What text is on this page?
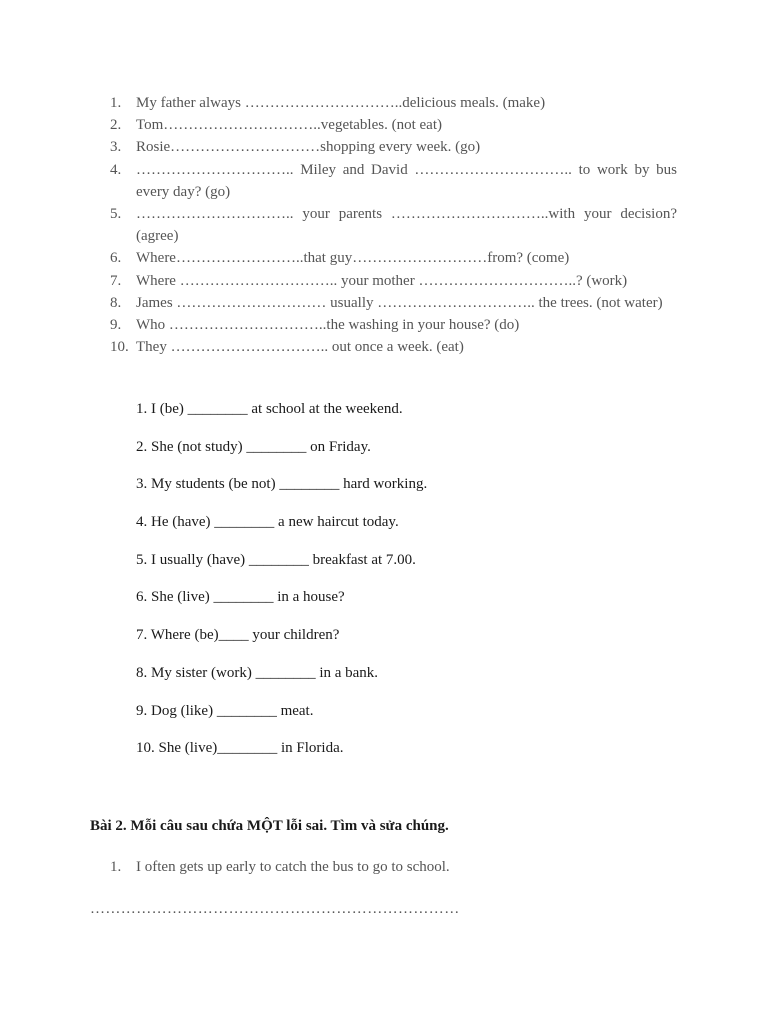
1. My father always …………………………..delicious meals. (make)
2. Tom…………………………..vegetables. (not eat)
3. Rosie…………………………shopping every week. (go)
4. ………………………….. Miley and David ………………………….. to work by bus every day? (go)
5. ………………………….. your parents …………………………..with your decision? (agree)
6. Where……………………..that guy………………………from? (come)
7. Where ………………………….. your mother …………………………..? (work)
8. James ………………………… usually ………………………….. the trees. (not water)
9. Who …………………………..the washing in your house? (do)
10. They ………………………….. out once a week. (eat)
1. I (be) ________ at school at the weekend.
2. She (not study) ________ on Friday.
3. My students (be not) ________ hard working.
4. He (have) ________ a new haircut today.
5. I usually (have) ________ breakfast at 7.00.
6. She (live) ________ in a house?
7. Where (be)____ your children?
8. My sister (work) ________ in a bank.
9. Dog (like) ________ meat.
10. She (live)________ in Florida.
Bài 2. Mỗi câu sau chứa MỘT lỗi sai. Tìm và sửa chúng.
1. I often gets up early to catch the bus to go to school.
………………………………………………………………
